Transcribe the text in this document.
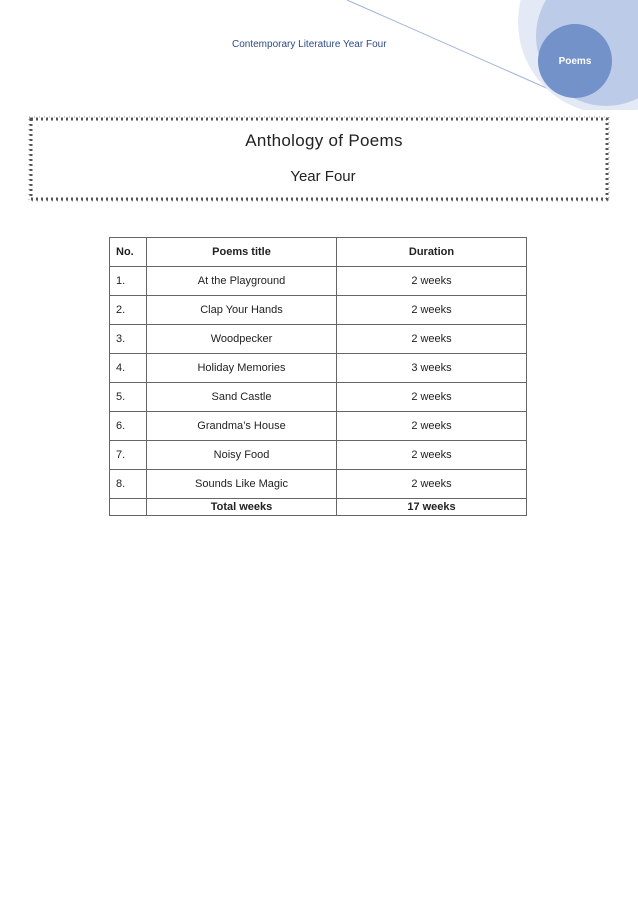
Contemporary Literature Year Four
Poems
Anthology of Poems
Year Four
No.	Poems title	Duration
1.	At the Playground	2 weeks
2.	Clap Your Hands	2 weeks
3.	Woodpecker	2 weeks
4.	Holiday Memories	3 weeks
5.	Sand Castle	2 weeks
6.	Grandma’s House	2 weeks
7.	Noisy Food	2 weeks
8.	Sounds Like Magic	2 weeks
	Total weeks	17 weeks
